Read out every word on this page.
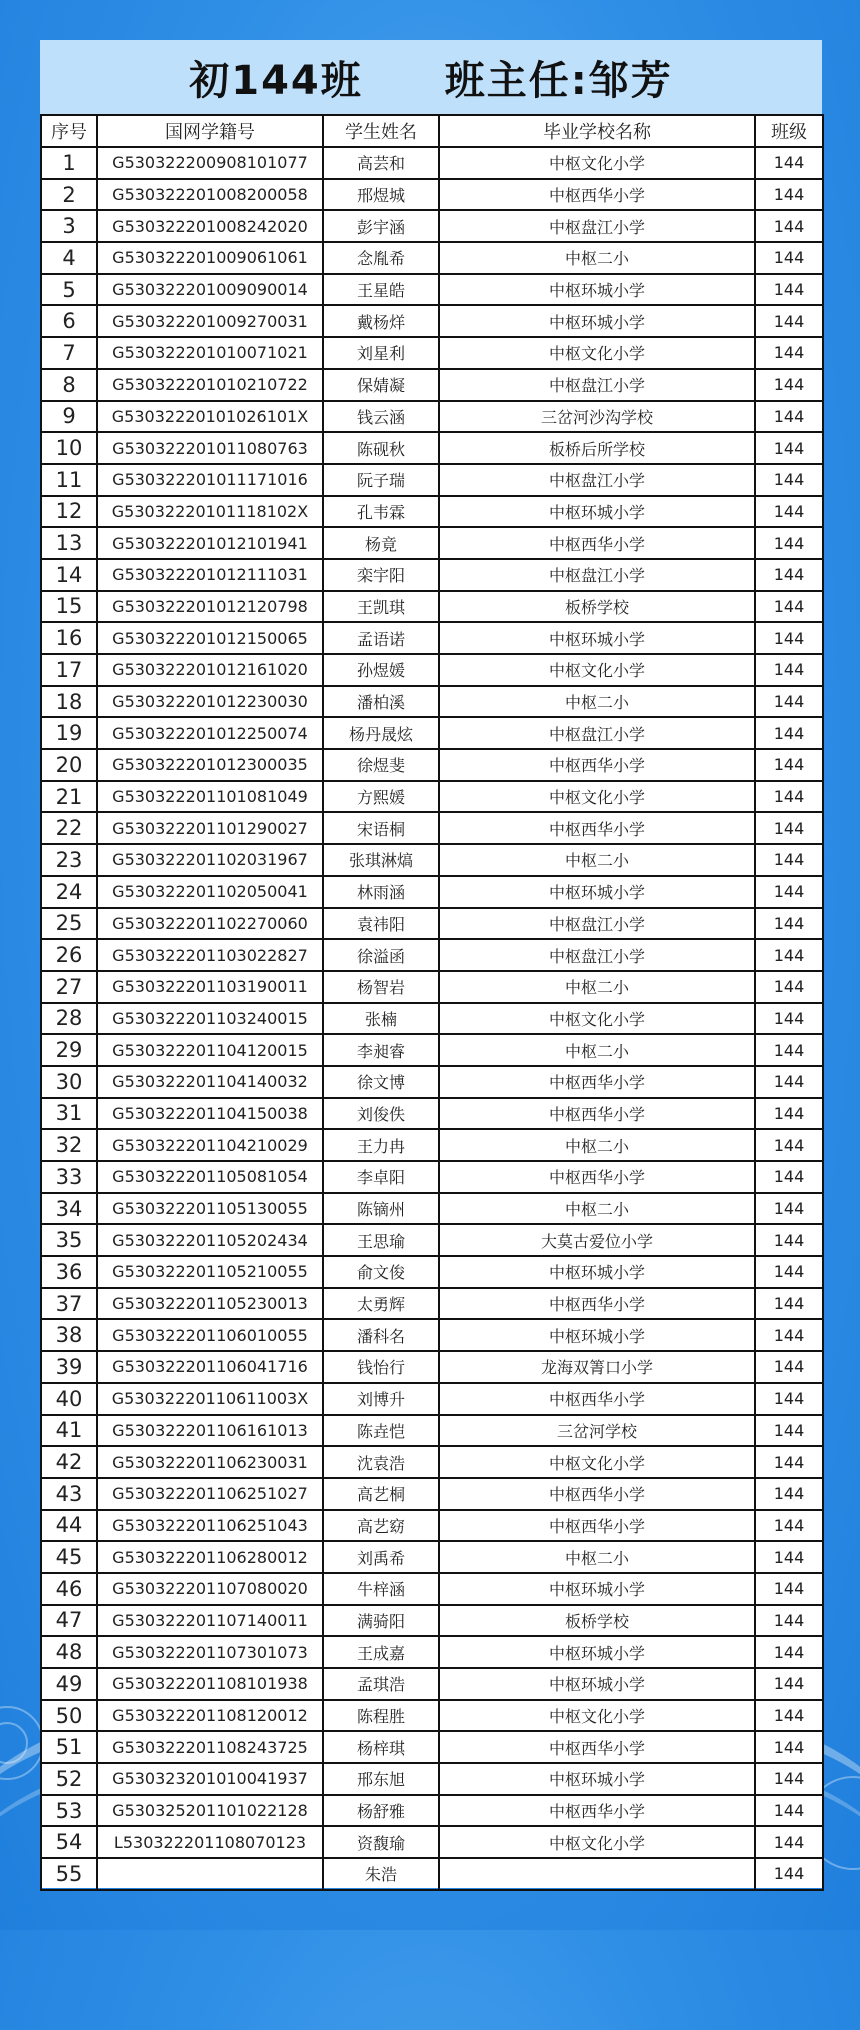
初144班 班主任:邹芳
序号	国网学籍号	学生姓名	毕业学校名称	班级
1	G530322200908101077	高芸和	中枢文化小学	144
2	G530322201008200058	邢煜城	中枢西华小学	144
3	G530322201008242020	彭宇涵	中枢盘江小学	144
4	G530322201009061061	念胤希	中枢二小	144
5	G530322201009090014	王星皓	中枢环城小学	144
6	G530322201009270031	戴杨烊	中枢环城小学	144
7	G530322201010071021	刘星利	中枢文化小学	144
8	G530322201010210722	保婧凝	中枢盘江小学	144
9	G53032220101026101X	钱云涵	三岔河沙沟学校	144
10	G530322201011080763	陈砚秋	板桥后所学校	144
11	G530322201011171016	阮子瑞	中枢盘江小学	144
12	G53032220101118102X	孔韦霖	中枢环城小学	144
13	G530322201012101941	杨竟	中枢西华小学	144
14	G530322201012111031	栾宇阳	中枢盘江小学	144
15	G530322201012120798	王凯琪	板桥学校	144
16	G530322201012150065	孟语诺	中枢环城小学	144
17	G530322201012161020	孙煜媛	中枢文化小学	144
18	G530322201012230030	潘柏溪	中枢二小	144
19	G530322201012250074	杨丹晟炫	中枢盘江小学	144
20	G530322201012300035	徐煜斐	中枢西华小学	144
21	G530322201101081049	方熙媛	中枢文化小学	144
22	G530322201101290027	宋语桐	中枢西华小学	144
23	G530322201102031967	张琪淋熇	中枢二小	144
24	G530322201102050041	林雨涵	中枢环城小学	144
25	G530322201102270060	袁祎阳	中枢盘江小学	144
26	G530322201103022827	徐溢函	中枢盘江小学	144
27	G530322201103190011	杨智岩	中枢二小	144
28	G530322201103240015	张楠	中枢文化小学	144
29	G530322201104120015	李昶睿	中枢二小	144
30	G530322201104140032	徐文博	中枢西华小学	144
31	G530322201104150038	刘俊佚	中枢西华小学	144
32	G530322201104210029	王力冉	中枢二小	144
33	G530322201105081054	李卓阳	中枢西华小学	144
34	G530322201105130055	陈镝州	中枢二小	144
35	G530322201105202434	王思瑜	大莫古爱位小学	144
36	G530322201105210055	俞文俊	中枢环城小学	144
37	G530322201105230013	太勇辉	中枢西华小学	144
38	G530322201106010055	潘科名	中枢环城小学	144
39	G530322201106041716	钱怡行	龙海双箐口小学	144
40	G53032220110611003X	刘博升	中枢西华小学	144
41	G530322201106161013	陈垚恺	三岔河学校	144
42	G530322201106230031	沈袁浩	中枢文化小学	144
43	G530322201106251027	高艺桐	中枢西华小学	144
44	G530322201106251043	高艺窈	中枢西华小学	144
45	G530322201106280012	刘禹希	中枢二小	144
46	G530322201107080020	牛梓涵	中枢环城小学	144
47	G530322201107140011	满骑阳	板桥学校	144
48	G530322201107301073	王成嘉	中枢环城小学	144
49	G530322201108101938	孟琪浩	中枢环城小学	144
50	G530322201108120012	陈程胜	中枢文化小学	144
51	G530322201108243725	杨梓琪	中枢西华小学	144
52	G530323201010041937	邢东旭	中枢环城小学	144
53	G530325201101022128	杨舒雅	中枢西华小学	144
54	L530322201108070123	资馥瑜	中枢文化小学	144
55		朱浩		144
